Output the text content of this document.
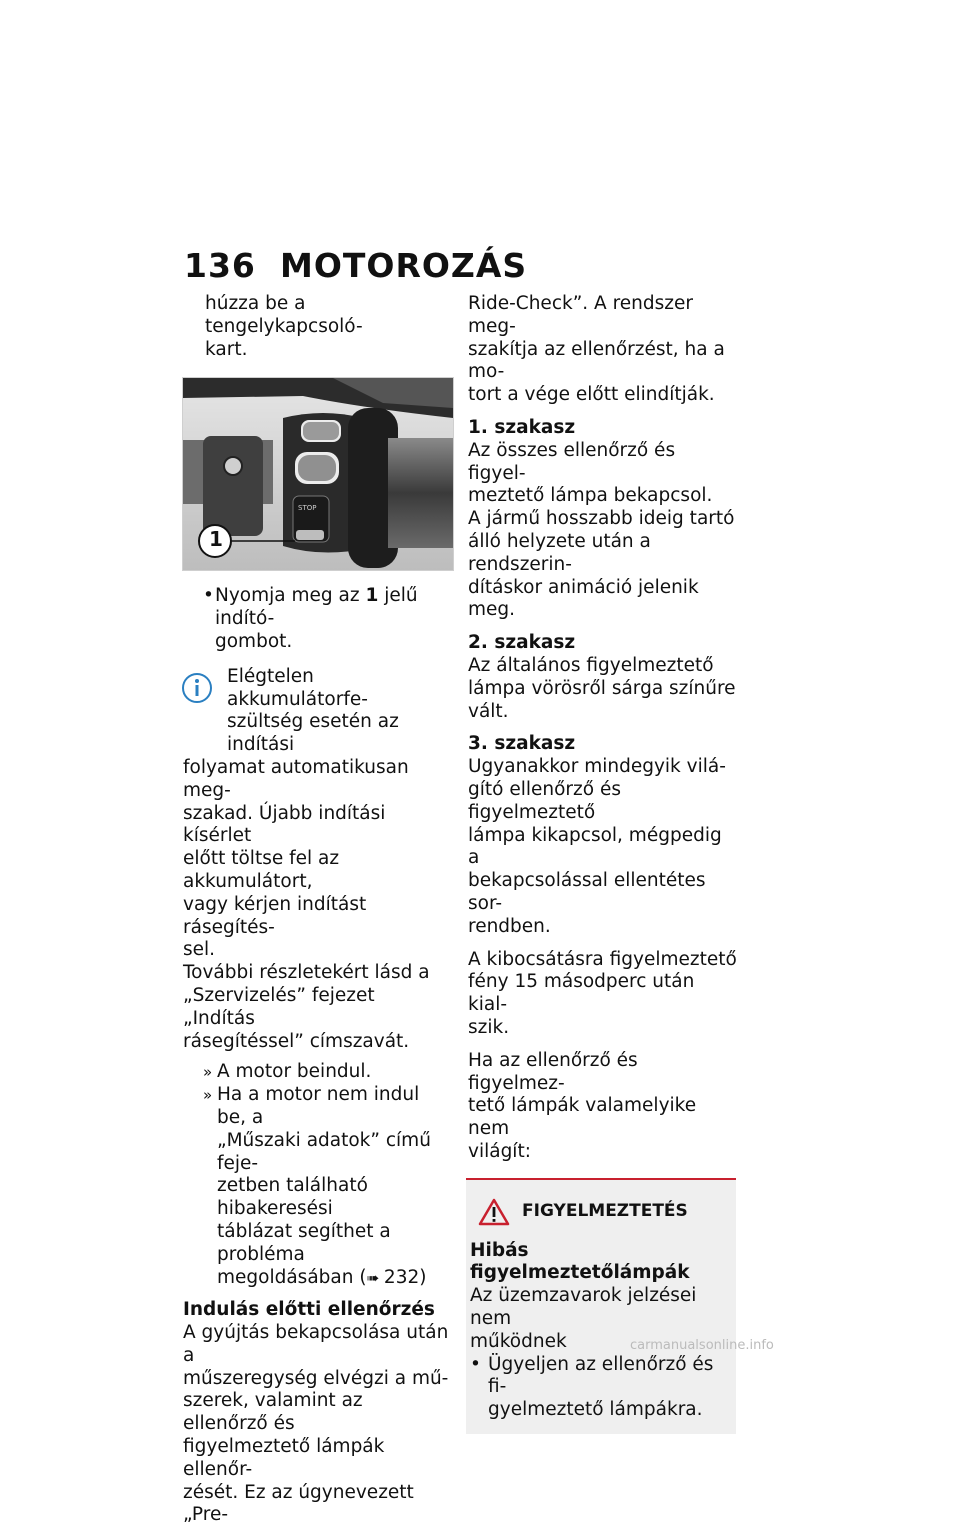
136 MOTOROZÁS

húzza be a tengelykapcsoló-

kart.

STOP
1
• Nyomja meg az 1 jelű indító-

gombot.

Elégtelen akkumulátorfe-

szültség esetén az indítási

folyamat automatikusan meg-

szakad. Újabb indítási kísérlet

előtt töltse fel az akkumulátort,

vagy kérjen indítást rásegítés-

sel.

További részletekért lásd a

„Szervizelés” fejezet „Indítás

rásegítéssel” címszavát.

» A motor beindul.

» Ha a motor nem indul be, a

„Műszaki adatok” című feje-

zetben található hibakeresési

táblázat segíthet a probléma

megoldásában (➠ 232)

Indulás előtti ellenőrzés

A gyújtás bekapcsolása után a

műszeregység elvégzi a mű-

szerek, valamint az ellenőrző és

figyelmeztető lámpák ellenőr-

zését. Ez az úgynevezett „Pre-

Ride-Check”. A rendszer meg-

szakítja az ellenőrzést, ha a mo-

tort a vége előtt elindítják.

1. szakasz

Az összes ellenőrző és figyel-

meztető lámpa bekapcsol.

A jármű hosszabb ideig tartó

álló helyzete után a rendszerin-

dításkor animáció jelenik meg.

2. szakasz

Az általános figyelmeztető

lámpa vörösről sárga színűre

vált.

3. szakasz

Ugyanakkor mindegyik vilá-

gító ellenőrző és figyelmeztető

lámpa kikapcsol, mégpedig a

bekapcsolással ellentétes sor-

rendben.

A kibocsátásra figyelmeztető

fény 15 másodperc után kial-

szik.

Ha az ellenőrző és figyelmez-

tető lámpák valamelyike nem

világít:

FIGYELMEZTETÉS

Hibás figyelmeztetőlámpák

Az üzemzavarok jelzései nem

működnek

• Ügyeljen az ellenőrző és fi-

gyelmeztető lámpákra.

carmanualsonline.info
